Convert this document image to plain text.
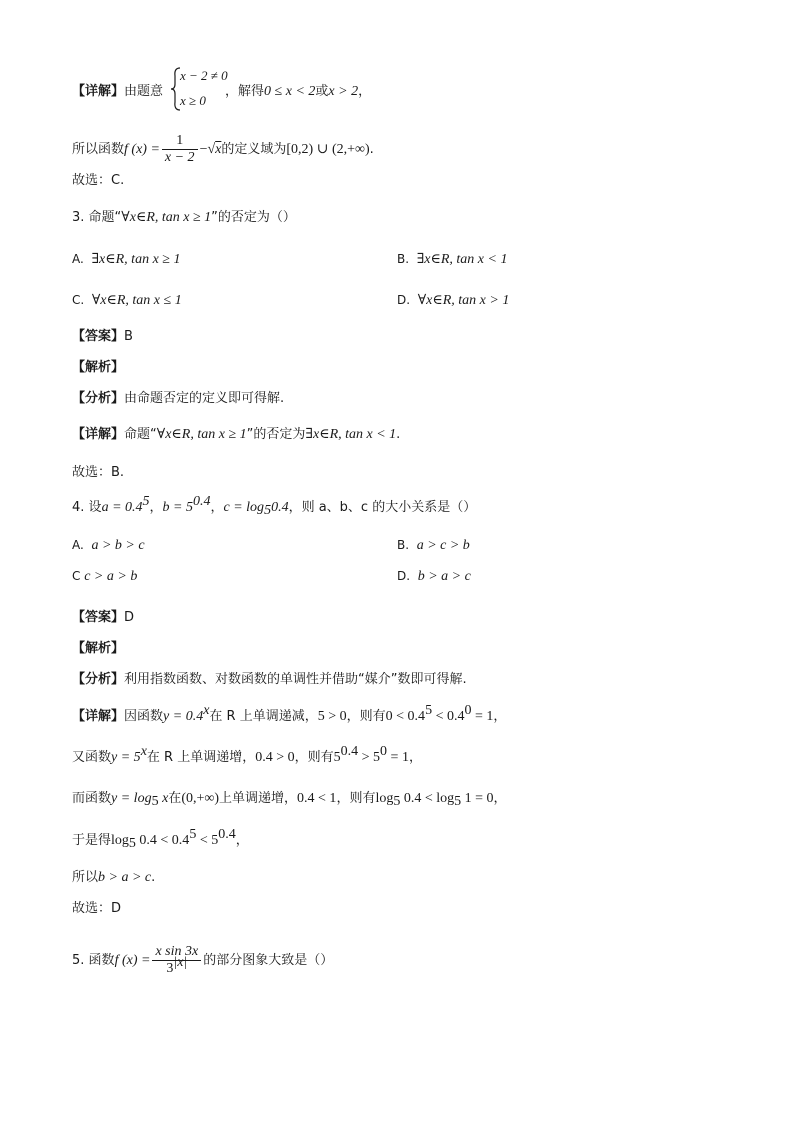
【详解】由题意	，解得0 ≤ x < 2或x > 2，
x − 2 ≠ 0
x ≥ 0
所以函数f $(x) = \frac{1}{x - 2} -√x$的定义域为[0,2) ∪ (2,+∞).
故选：C.
3. 命题“∀x∈R, tan x ≥ 1”的否定为（）
A. ∃x∈R, tan x ≥ 1	B. ∃x∈R, tan x < 1
C. ∀x∈R, tan x ≤ 1	D. ∀x∈R, tan x > 1
【答案】B
【解析】
【分析】由命题否定的定义即可得解.
【详解】命题“∀x∈R, tan x ≥ 1”的否定为∃x∈R, tan x < 1.
故选：B.
4. 设$a = 0.4^5$，$b = 5^{0.4}$，$c = \log_50.4$，则 a、b、c 的大小关系是（）
A. a > b > c	B. a > c > b
C c > a > b	D. b > a > c
【答案】D
【解析】
【分析】利用指数函数、对数函数的单调性并借助“媒介”数即可得解.
【详解】因函数$y = 0.4^x$在 R 上单调递减，5 > 0，则有$0 < 0.4^5 < 0.4^0 = 1$，
又函数$y = 5^x$在 R 上单调递增，0.4 > 0，则有$5^{0.4} > 5^0 = 1$，
而函数$y = \log_5 x$在(0,+∞)上单调递增，0.4 < 1，则有$\log_5 0.4 < \log_5 1 = 0$，
于是得$\log_5 0.4 < 0.4^5 < 5^{0.4}$，
所以b > a > c.
故选：D
5. 函数f $(x) = \frac{\text{x sin 3x}}{3^{|x|}}$ 的部分图象大致是（）
